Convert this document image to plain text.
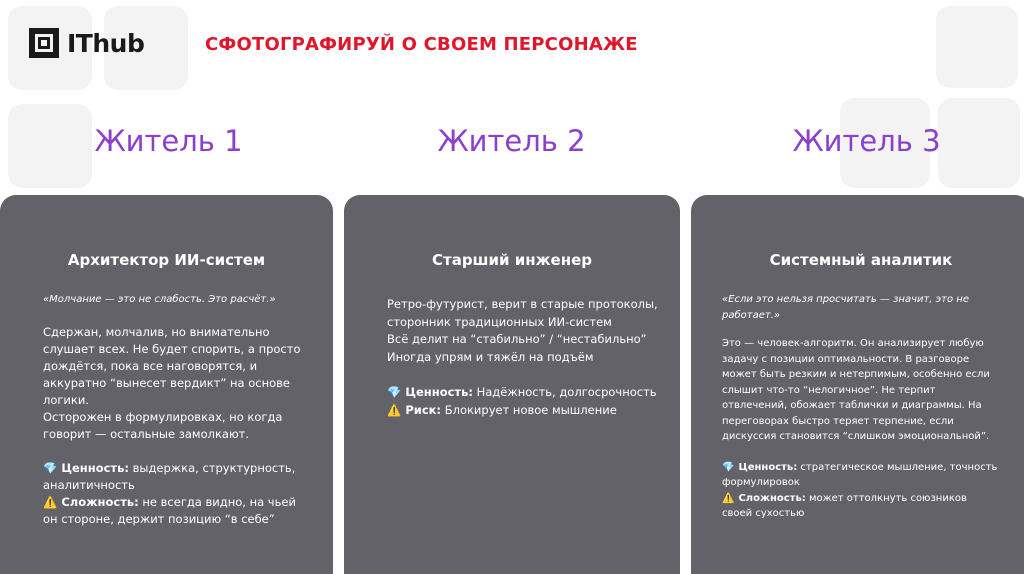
IThub	СФОТОГРАФИРУЙ О СВОЕМ ПЕРСОНАЖЕ
Житель 1	Житель 2	Житель 3
Архитектор ИИ-систем

«Молчание — это не слабость. Это расчёт.»

Сдержан, молчалив, но внимательно
слушает всех. Не будет спорить, а просто
дождётся, пока все наговорятся, и
аккуратно “вынесет вердикт” на основе
логики.
Осторожен в формулировках, но когда
говорит — остальные замолкают.

💎 Ценность: выдержка, структурность,
аналитичность

⚠️ Сложность: не всегда видно, на чьей
он стороне, держит позицию “в себе”

Старший инженер

Ретро-футурист, верит в старые протоколы,
сторонник традиционных ИИ-систем
Всё делит на “стабильно” / “нестабильно”
Иногда упрям и тяжёл на подъём

💎 Ценность: Надёжность, долгосрочность

⚠️ Риск: Блокирует новое мышление

Системный аналитик

«Если это нельзя просчитать — значит, это не
работает.»

Это — человек-алгоритм. Он анализирует любую
задачу с позиции оптимальности. В разговоре
может быть резким и нетерпимым, особенно если
слышит что-то “нелогичное”. Не терпит
отвлечений, обожает таблички и диаграммы. На
переговорах быстро теряет терпение, если
дискуссия становится “слишком эмоциональной”.

💎 Ценность: стратегическое мышление, точность
формулировок

⚠️ Сложность: может оттолкнуть союзников
своей сухостью
